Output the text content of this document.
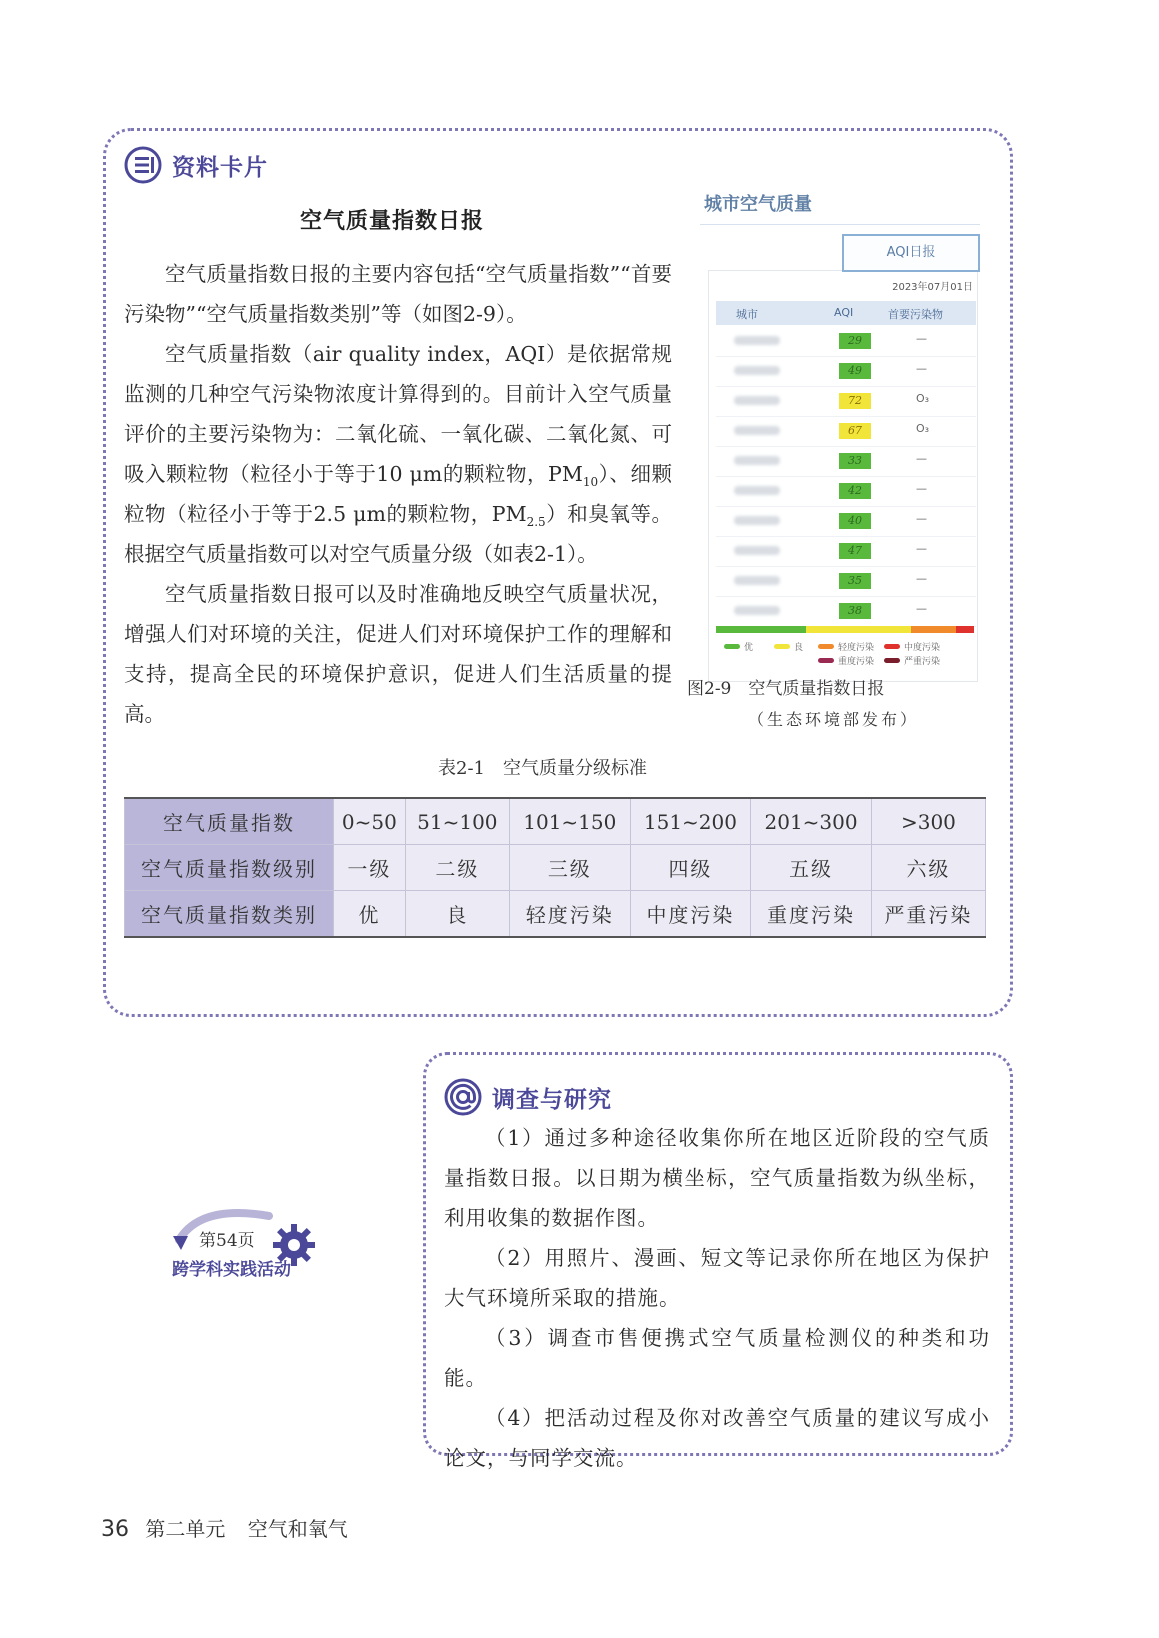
资料卡片
空气质量指数日报

空气质量指数日报的主要内容包括“空气质量指数”“首要污染物”“空气质量指数类别”等（如图2-9）。

空气质量指数（air quality index，AQI）是依据常规监测的几种空气污染物浓度计算得到的。目前计入空气质量评价的主要污染物为：二氧化硫、一氧化碳、二氧化氮、可吸入颗粒物（粒径小于等于10 μm的颗粒物，$PM_{10}$）、细颗粒物（粒径小于等于2.5 μm的颗粒物，$PM_{2.5}$）和臭氧等。根据空气质量指数可以对空气质量分级（如表2-1）。

空气质量指数日报可以及时准确地反映空气质量状况，增强人们对环境的关注，促进人们对环境保护工作的理解和支持，提高全民的环境保护意识，促进人们生活质量的提高。

城市空气质量
AQI日报
2023年07月01日
城市	AQI	首要污染物
29	—
49	—
72	O₃
67	O₃
33	—
42	—
40	—
47	—
35	—
38	—
优	良	轻度污染	中度污染
重度污染	严重污染
图2-9　空气质量指数日报
（生态环境部发布）
表2-1　空气质量分级标准
空气质量指数	0~50	51~100	101~150	151~200	201~300	>300
空气质量指数级别	一级	二级	三级	四级	五级	六级
空气质量指数类别	优	良	轻度污染	中度污染	重度污染	严重污染
调查与研究

（1）通过多种途径收集你所在地区近阶段的空气质量指数日报。以日期为横坐标，空气质量指数为纵坐标，利用收集的数据作图。

（2）用照片、漫画、短文等记录你所在地区为保护大气环境所采取的措施。

（3）调查市售便携式空气质量检测仪的种类和功能。

（4）把活动过程及你对改善空气质量的建议写成小论文，与同学交流。

第54页
跨学科实践活动
36 第二单元 空气和氧气
